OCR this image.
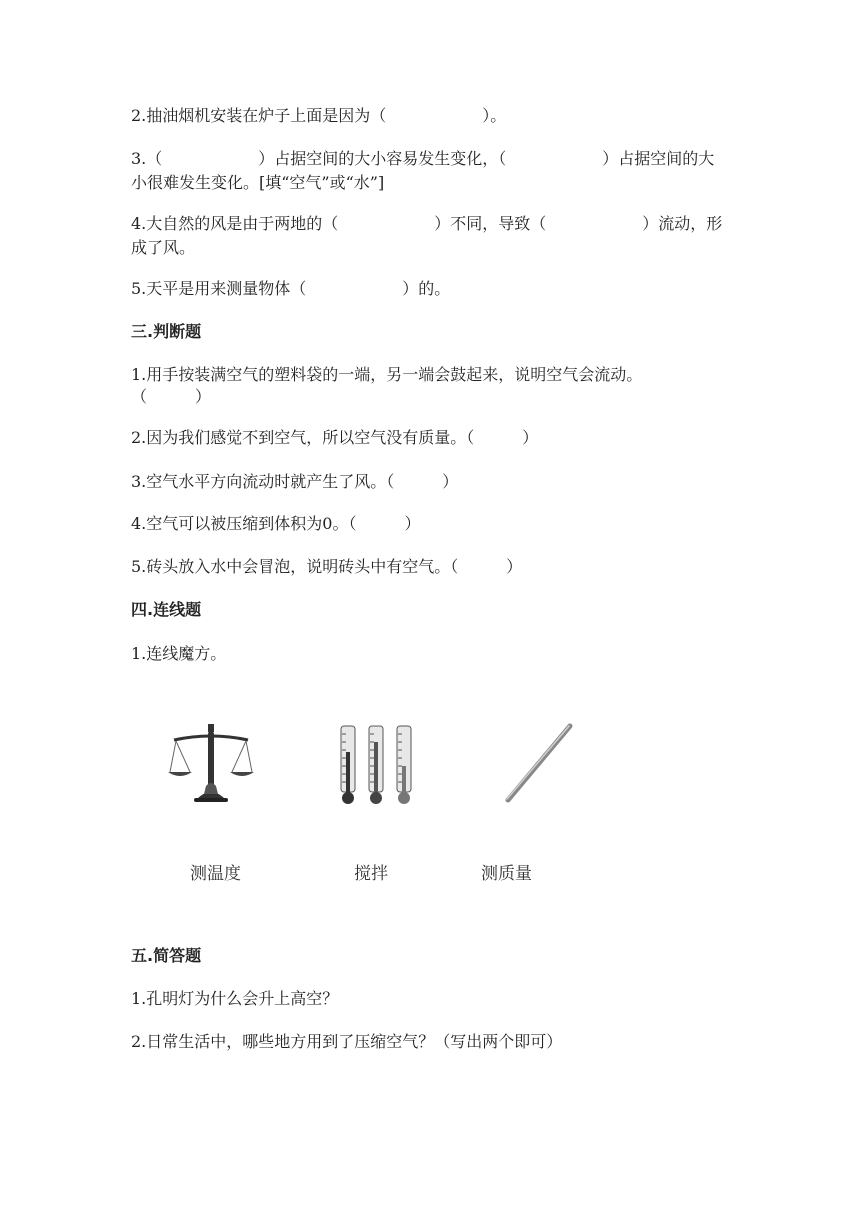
2.抽油烟机安装在炉子上面是因为（　　　　　　）。
3.（　　　　　　）占据空间的大小容易发生变化，（　　　　　　）占据空间的大
小很难发生变化。[填“空气”或“水”]
4.大自然的风是由于两地的（　　　　　　）不同，导致（　　　　　　）流动，形
成了风。
5.天平是用来测量物体（　　　　　　）的。
三.判断题
1.用手按装满空气的塑料袋的一端，另一端会鼓起来，说明空气会流动。
（　　　）
2.因为我们感觉不到空气，所以空气没有质量。（　　　）
3.空气水平方向流动时就产生了风。（　　　）
4.空气可以被压缩到体积为0。（　　　）
5.砖头放入水中会冒泡，说明砖头中有空气。（　　　）
四.连线题
1.连线魔方。
测温度	搅拌	测质量
五.简答题
1.孔明灯为什么会升上高空？
2.日常生活中，哪些地方用到了压缩空气？（写出两个即可）
